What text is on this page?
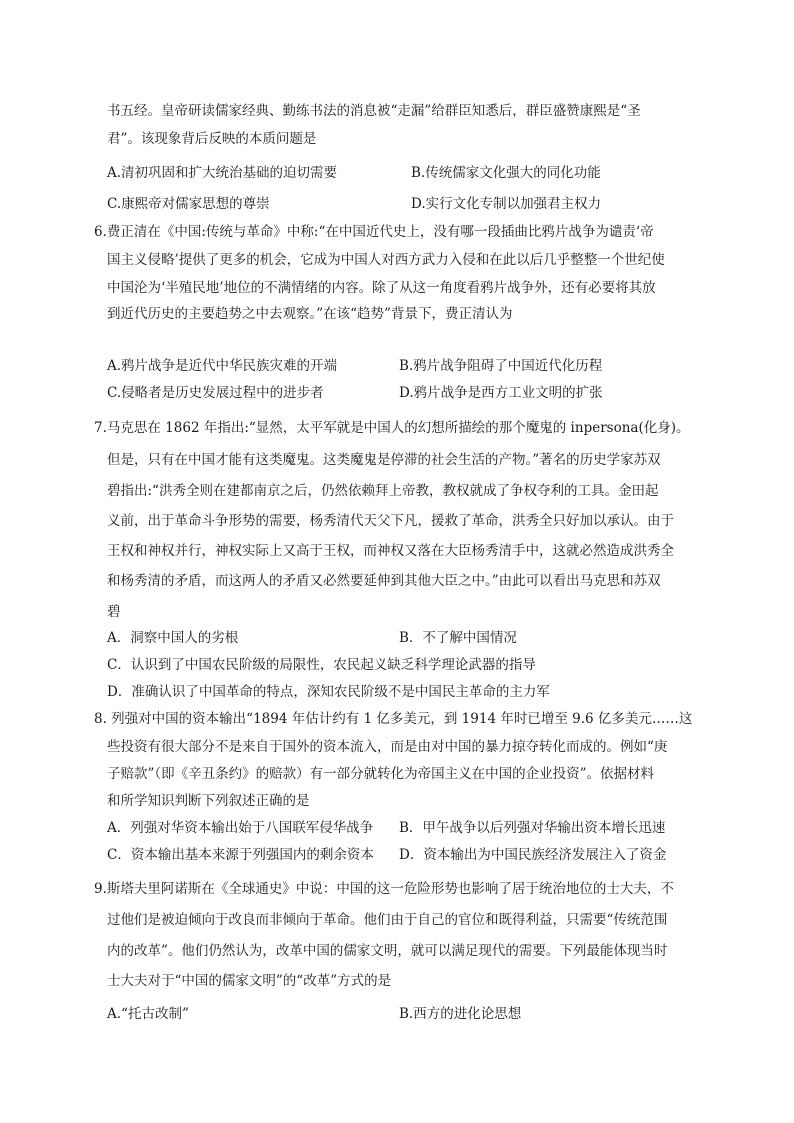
书五经。皇帝研读儒家经典、勤练书法的消息被“走漏”给群臣知悉后，群臣盛赞康熙是“圣
君”。该现象背后反映的本质问题是
A.清初巩固和扩大统治基础的迫切需要	B.传统儒家文化强大的同化功能
C.康熙帝对儒家思想的尊崇	D.实行文化专制以加强君主权力
6.费正清在《中国:传统与革命》中称:“在中国近代史上，没有哪一段插曲比鸦片战争为谴责‘帝
国主义侵略’提供了更多的机会，它成为中国人对西方武力入侵和在此以后几乎整整一个世纪使
中国沦为‘半殖民地’地位的不满情绪的内容。除了从这一角度看鸦片战争外，还有必要将其放
到近代历史的主要趋势之中去观察。”在该“趋势”背景下，费正清认为
A.鸦片战争是近代中华民族灾难的开端	B.鸦片战争阻碍了中国近代化历程
C.侵略者是历史发展过程中的进步者	D.鸦片战争是西方工业文明的扩张
7.马克思在 1862 年指出:“显然，太平军就是中国人的幻想所描绘的那个魔鬼的 inpersona(化身)。
但是，只有在中国才能有这类魔鬼。这类魔鬼是停滞的社会生活的产物。”著名的历史学家苏双
碧指出:“洪秀全则在建都南京之后，仍然依赖拜上帝教，教权就成了争权夺利的工具。金田起
义前，出于革命斗争形势的需要，杨秀清代天父下凡，援救了革命，洪秀全只好加以承认。由于
王权和神权并行，神权实际上又高于王权，而神权又落在大臣杨秀清手中，这就必然造成洪秀全
和杨秀清的矛盾，而这两人的矛盾又必然要延伸到其他大臣之中。”由此可以看出马克思和苏双
碧
A．洞察中国人的劣根	B．不了解中国情况
C．认识到了中国农民阶级的局限性，农民起义缺乏科学理论武器的指导
D．准确认识了中国革命的特点，深知农民阶级不是中国民主革命的主力军
8. 列强对中国的资本输出“1894 年估计约有 1 亿多美元，到 1914 年时已增至 9.6 亿多美元……这
些投资有很大部分不是来自于国外的资本流入，而是由对中国的暴力掠夺转化而成的。例如“庚
子赔款”（即《辛丑条约》的赔款）有一部分就转化为帝国主义在中国的企业投资”。依据材料
和所学知识判断下列叙述正确的是
A．列强对华资本输出始于八国联军侵华战争 B．甲午战争以后列强对华输出资本增长迅速
C．资本输出基本来源于列强国内的剩余资本 D．资本输出为中国民族经济发展注入了资金
9.斯塔夫里阿诺斯在《全球通史》中说：中国的这一危险形势也影响了居于统治地位的士大夫，不
过他们是被迫倾向于改良而非倾向于革命。他们由于自己的官位和既得利益，只需要“传统范围
内的改革”。他们仍然认为，改革中国的儒家文明，就可以满足现代的需要。下列最能体现当时
士大夫对于“中国的儒家文明”的“改革”方式的是
A.“托古改制”	B.西方的进化论思想
